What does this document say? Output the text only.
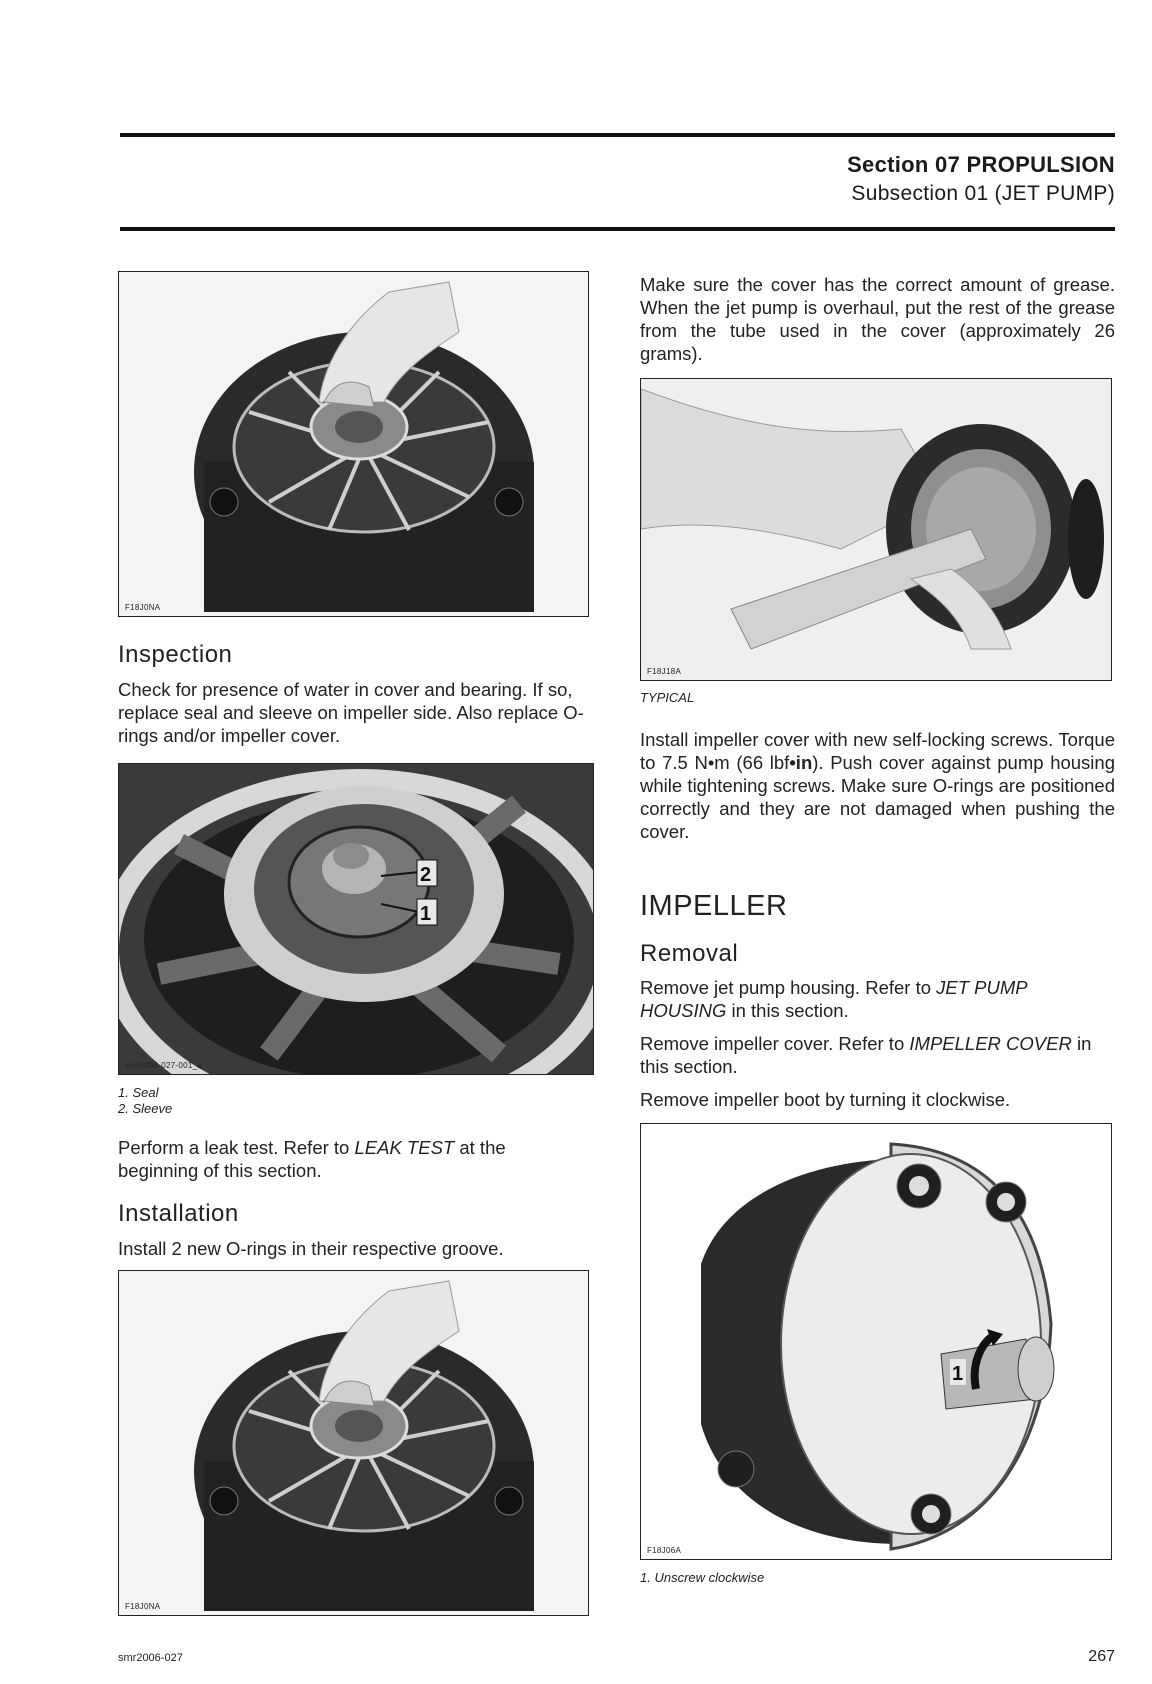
Section 07 PROPULSION
Subsection 01 (JET PUMP)
F18J0NA
Inspection
Check for presence of water in cover and bearing. If so, replace seal and sleeve on impeller side. Also replace O-rings and/or impeller cover.
2
1
smr2006-027-001_a
1. Seal
2. Sleeve
Perform a leak test. Refer to LEAK TEST at the beginning of this section.
Installation
Install 2 new O-rings in their respective groove.
F18J0NA
Make sure the cover has the correct amount of grease. When the jet pump is overhaul, put the rest of the grease from the tube used in the cover (approximately 26 grams).
F18J18A
TYPICAL
Install impeller cover with new self-locking screws. Torque to 7.5 N•m (66 lbf•in). Push cover against pump housing while tightening screws. Make sure O-rings are positioned correctly and they are not damaged when pushing the cover.
IMPELLER
Removal
Remove jet pump housing. Refer to JET PUMP HOUSING in this section.
Remove impeller cover. Refer to IMPELLER COVER in this section.
Remove impeller boot by turning it clockwise.
1
F18J06A
1. Unscrew clockwise
smr2006-027	267
